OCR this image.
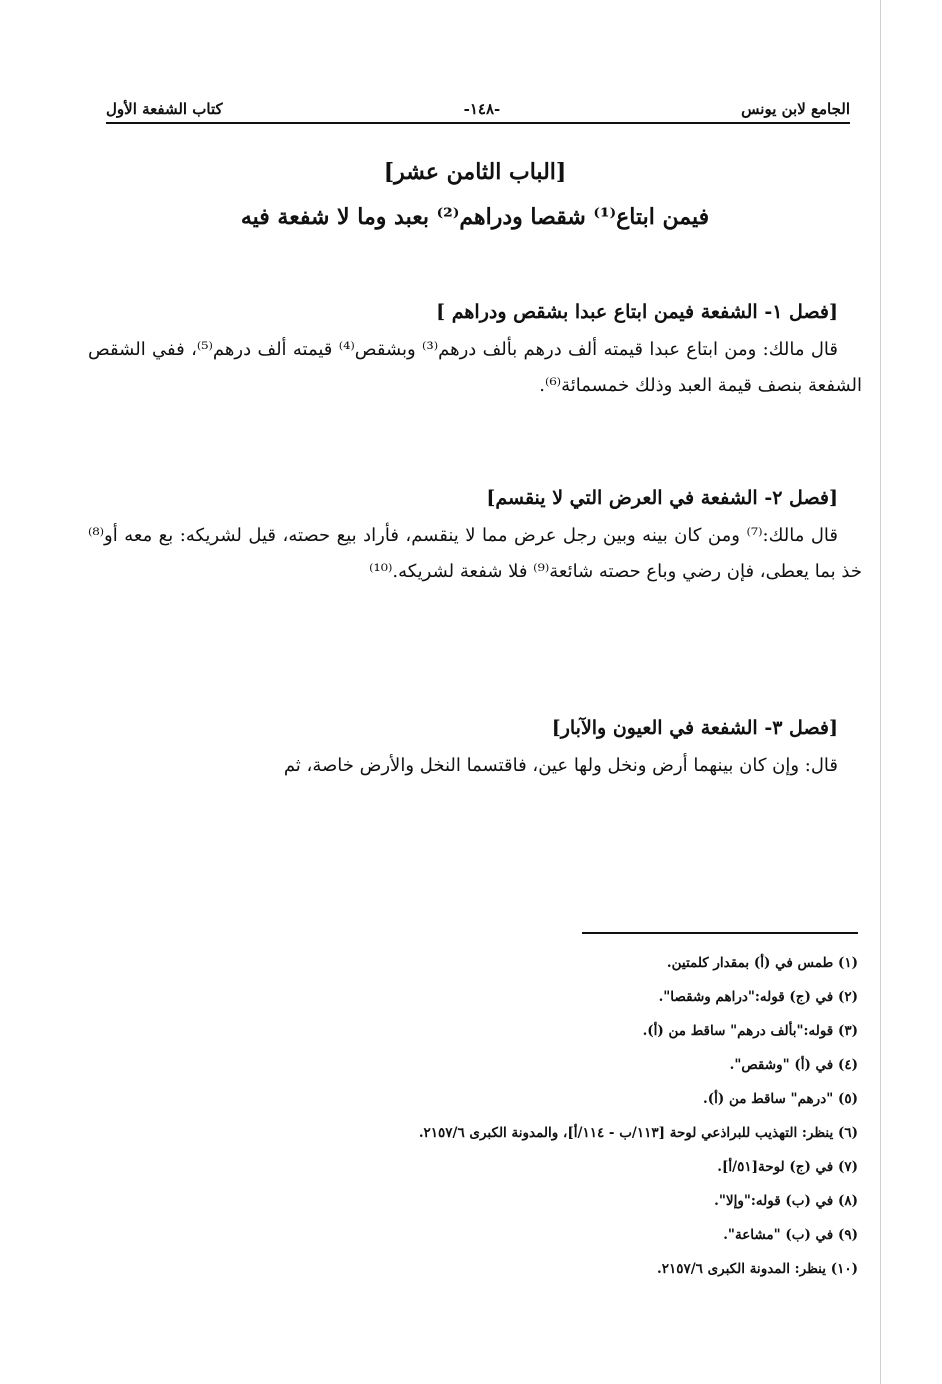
كتاب الشفعة الأول	-١٤٨-	الجامع لابن يونس

[الباب الثامن عشر]

فيمن ابتاع⁽¹⁾ شقصا ودراهم⁽²⁾ بعبد وما لا شفعة فيه

[فصل ١- الشفعة فيمن ابتاع عبدا بشقص ودراهم ]

قال مالك: ومن ابتاع عبدا قيمته ألف درهم بألف درهم⁽³⁾ وبشقص⁽⁴⁾ قيمته ألف درهم⁽⁵⁾، ففي الشقص الشفعة بنصف قيمة العبد وذلك خمسمائة⁽⁶⁾.

[فصل ٢- الشفعة في العرض التي لا ينقسم]

قال مالك:⁽⁷⁾ ومن كان بينه وبين رجل عرض مما لا ينقسم، فأراد بيع حصته، قيل لشريكه: بع معه أو⁽⁸⁾ خذ بما يعطى، فإن رضي وباع حصته شائعة⁽⁹⁾ فلا شفعة لشريكه.⁽¹⁰⁾

[فصل ٣- الشفعة في العيون والآبار]

قال: وإن كان بينهما أرض ونخل ولها عين، فاقتسما النخل والأرض خاصة، ثم

(١) طمس في (أ) بمقدار كلمتين.
(٢) في (ج) قوله:"دراهم وشقصا".
(٣) قوله:"بألف درهم" ساقط من (أ).
(٤) في (أ) "وشقص".
(٥) "درهم" ساقط من (أ).
(٦) ينظر: التهذيب للبراذعي لوحة [١١٣/ب - ١١٤/أ]، والمدونة الكبرى ٢١٥٧/٦.
(٧) في (ج) لوحة[٥١/أ].
(٨) في (ب) قوله:"وإلا".
(٩) في (ب) "مشاعة".
(١٠) ينظر: المدونة الكبرى ٢١٥٧/٦.
